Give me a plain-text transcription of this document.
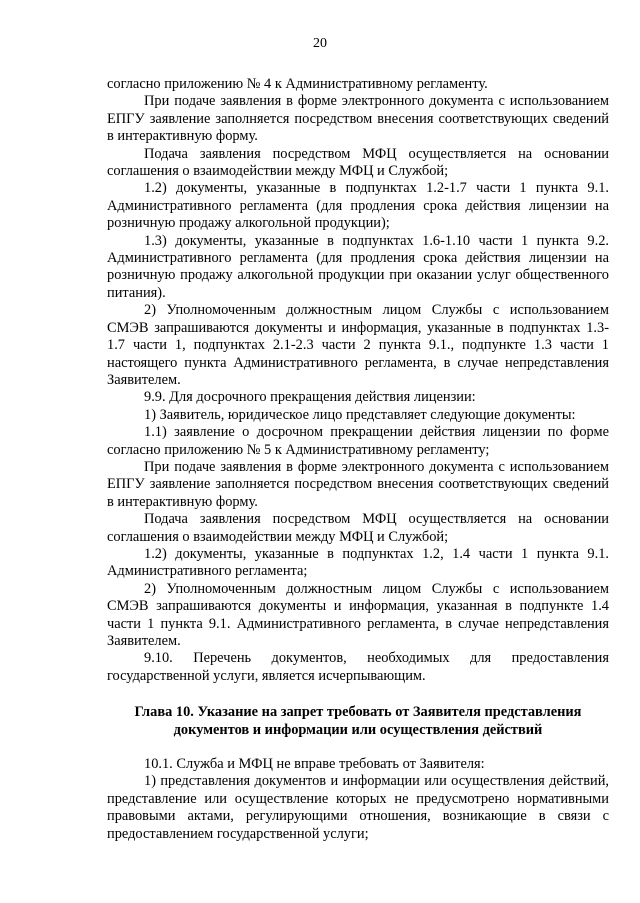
20

согласно приложению № 4 к Административному регламенту.

При подаче заявления в форме электронного документа с использованием ЕПГУ заявление заполняется посредством внесения соответствующих сведений в интерактивную форму.

Подача заявления посредством МФЦ осуществляется на основании соглашения о взаимодействии между МФЦ и Службой;

1.2) документы, указанные в подпунктах 1.2-1.7 части 1 пункта 9.1. Административного регламента (для продления срока действия лицензии на розничную продажу алкогольной продукции);

1.3) документы, указанные в подпунктах 1.6-1.10 части 1 пункта 9.2. Административного регламента (для продления срока действия лицензии на розничную продажу алкогольной продукции при оказании услуг общественного питания).

2) Уполномоченным должностным лицом Службы с использованием СМЭВ запрашиваются документы и информация, указанные в подпунктах 1.3-1.7 части 1, подпунктах 2.1-2.3 части 2 пункта 9.1., подпункте 1.3 части 1 настоящего пункта Административного регламента, в случае непредставления Заявителем.

9.9. Для досрочного прекращения действия лицензии:

1) Заявитель, юридическое лицо представляет следующие документы:

1.1) заявление о досрочном прекращении действия лицензии по форме согласно приложению № 5 к Административному регламенту;

При подаче заявления в форме электронного документа с использованием ЕПГУ заявление заполняется посредством внесения соответствующих сведений в интерактивную форму.

Подача заявления посредством МФЦ осуществляется на основании соглашения о взаимодействии между МФЦ и Службой;

1.2) документы, указанные в подпунктах 1.2, 1.4 части 1 пункта 9.1. Административного регламента;

2) Уполномоченным должностным лицом Службы с использованием СМЭВ запрашиваются документы и информация, указанная в подпункте 1.4 части 1 пункта 9.1. Административного регламента, в случае непредставления Заявителем.

9.10. Перечень документов, необходимых для предоставления государственной услуги, является исчерпывающим.

Глава 10. Указание на запрет требовать от Заявителя представления
документов и информации или осуществления действий

10.1. Служба и МФЦ не вправе требовать от Заявителя:

1) представления документов и информации или осуществления действий, представление или осуществление которых не предусмотрено нормативными правовыми актами, регулирующими отношения, возникающие в связи с предоставлением государственной услуги;
